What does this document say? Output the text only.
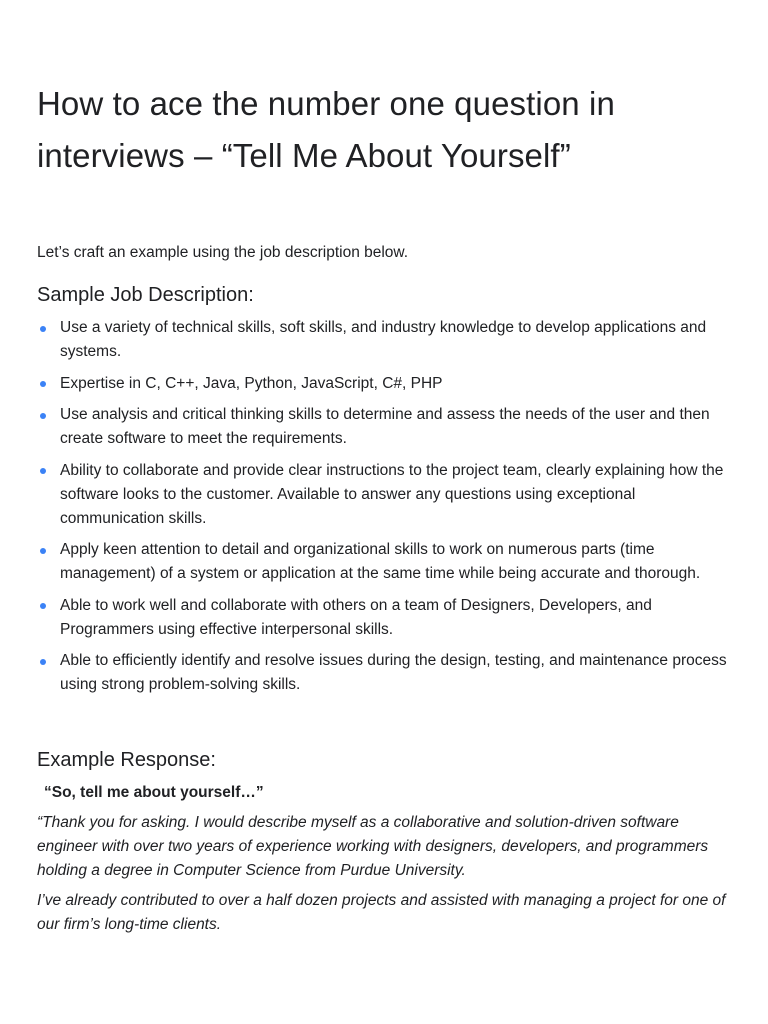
How to ace the number one question in
interviews – “Tell Me About Yourself”

Let’s craft an example using the job description below.

Sample Job Description:
Use a variety of technical skills, soft skills, and industry knowledge to develop applications and systems.
Expertise in C, C++, Java, Python, JavaScript, C#, PHP
Use analysis and critical thinking skills to determine and assess the needs of the user and then create software to meet the requirements.
Ability to collaborate and provide clear instructions to the project team, clearly explaining how the software looks to the customer. Available to answer any questions using exceptional communication skills.
Apply keen attention to detail and organizational skills to work on numerous parts (time management) of a system or application at the same time while being accurate and thorough.
Able to work well and collaborate with others on a team of Designers, Developers, and Programmers using effective interpersonal skills.
Able to efficiently identify and resolve issues during the design, testing, and maintenance process using strong problem-solving skills.
Example Response:

“So, tell me about yourself…”

“Thank you for asking. I would describe myself as a collaborative and solution-driven software engineer with over two years of experience working with designers, developers, and programmers holding a degree in Computer Science from Purdue University.

I’ve already contributed to over a half dozen projects and assisted with managing a project for one of our firm’s long-time clients.
